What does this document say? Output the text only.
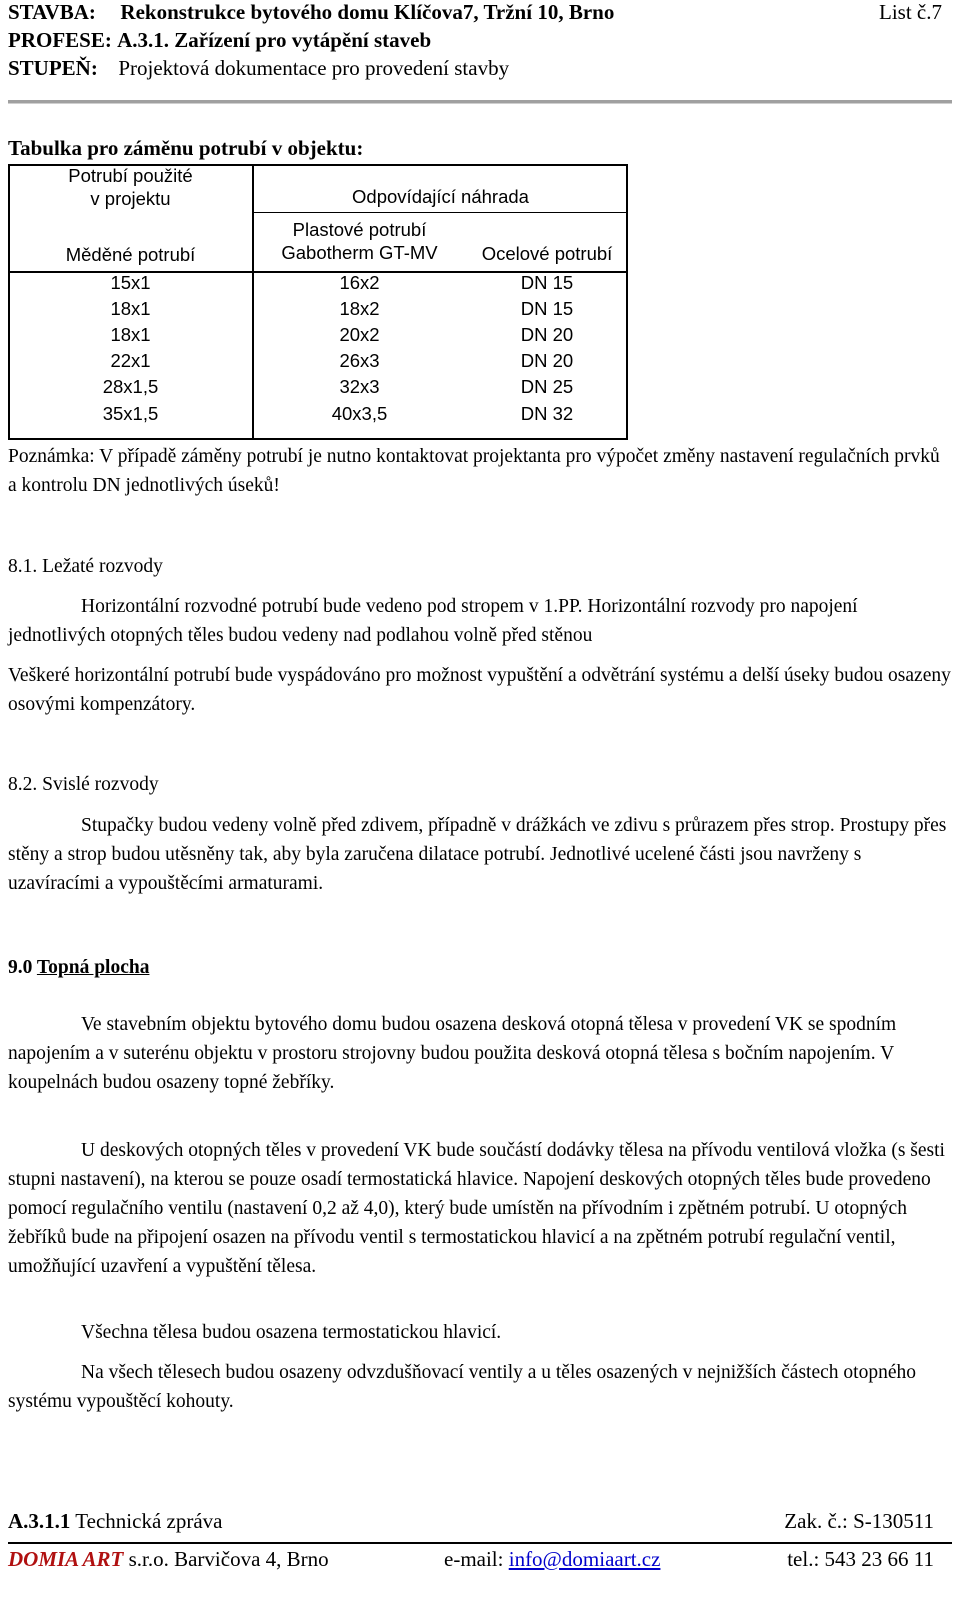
STAVBA: Rekonstrukce bytového domu Klíčova7, Tržní 10, Brno	List č.7
PROFESE: A.3.1. Zařízení pro vytápění staveb
STUPEŇ: Projektová dokumentace pro provedení stavby
Tabulka pro záměnu potrubí v objektu:
Potrubí použité
v projektu
Měděné potrubí
Odpovídající náhrada
Plastové potrubí
Gabotherm GT-MV	Ocelové potrubí
15x1	16x2	DN 15
18x1	18x2	DN 15
18x1	20x2	DN 20
22x1	26x3	DN 20
28x1,5	32x3	DN 25
35x1,5	40x3,5	DN 32
Poznámka: V případě záměny potrubí je nutno kontaktovat projektanta pro výpočet změny nastavení regulačních prvků a kontrolu DN jednotlivých úseků!
8.1. Ležaté rozvody
Horizontální rozvodné potrubí bude vedeno pod stropem v 1.PP. Horizontální rozvody pro napojení jednotlivých otopných těles budou vedeny nad podlahou volně před stěnou
Veškeré horizontální potrubí bude vyspádováno pro možnost vypuštění a odvětrání systému a delší úseky budou osazeny osovými kompenzátory.
8.2. Svislé rozvody
Stupačky budou vedeny volně před zdivem, případně v drážkách ve zdivu s průrazem přes strop. Prostupy přes stěny a strop budou utěsněny tak, aby byla zaručena dilatace potrubí. Jednotlivé ucelené části jsou navrženy s uzavíracími a vypouštěcími armaturami.
9.0 Topná plocha
Ve stavebním objektu bytového domu budou osazena desková otopná tělesa v provedení VK se spodním napojením a v suterénu objektu v prostoru strojovny budou použita desková otopná tělesa s bočním napojením. V koupelnách budou osazeny topné žebříky.
U deskových otopných těles v provedení VK bude součástí dodávky tělesa na přívodu ventilová vložka (s šesti stupni nastavení), na kterou se pouze osadí termostatická hlavice. Napojení deskových otopných těles bude provedeno pomocí regulačního ventilu (nastavení 0,2 až 4,0), který bude umístěn na přívodním i zpětném potrubí. U otopných žebříků bude na připojení osazen na přívodu ventil s termostatickou hlavicí a na zpětném potrubí regulační ventil, umožňující uzavření a vypuštění tělesa.
Všechna tělesa budou osazena termostatickou hlavicí.
Na všech tělesech budou osazeny odvzdušňovací ventily a u těles osazených v nejnižších částech otopného systému vypouštěcí kohouty.
A.3.1.1 Technická zpráva	Zak. č.: S-130511
DOMIA ART s.r.o. Barvičova 4, Brno	e-mail: info@domiaart.cz	tel.: 543 23 66 11
